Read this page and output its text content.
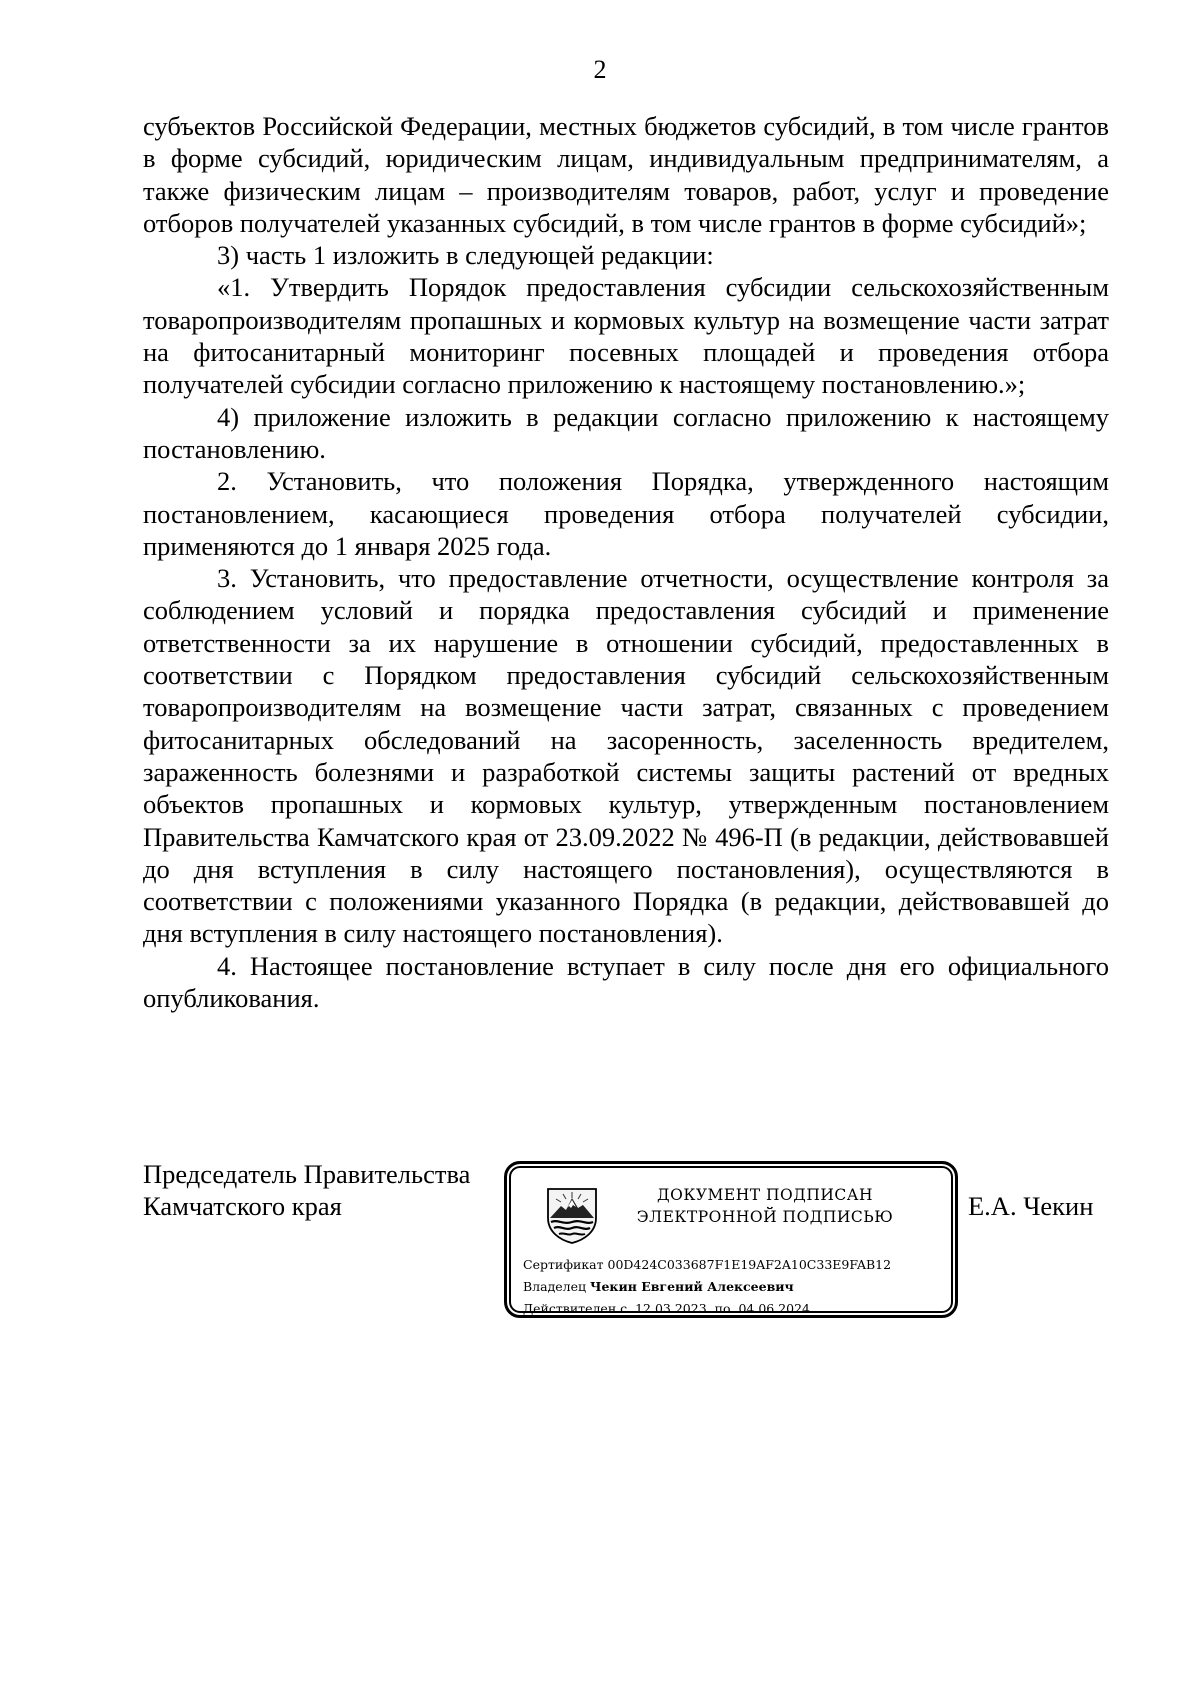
2

субъектов Российской Федерации, местных бюджетов субсидий, в том числе грантов в форме субсидий, юридическим лицам, индивидуальным предпринимателям, а также физическим лицам – производителям товаров, работ, услуг и проведение отборов получателей указанных субсидий, в том числе грантов в форме субсидий»;

3) часть 1 изложить в следующей редакции:

«1. Утвердить Порядок предоставления субсидии сельскохозяйственным товаропроизводителям пропашных и кормовых культур на возмещение части затрат на фитосанитарный мониторинг посевных площадей и проведения отбора получателей субсидии согласно приложению к настоящему постановлению.»;

4) приложение изложить в редакции согласно приложению к настоящему постановлению.

2. Установить, что положения Порядка, утвержденного настоящим постановлением, касающиеся проведения отбора получателей субсидии, применяются до 1 января 2025 года.

3. Установить, что предоставление отчетности, осуществление контроля за соблюдением условий и порядка предоставления субсидий и применение ответственности за их нарушение в отношении субсидий, предоставленных в соответствии с Порядком предоставления субсидий сельскохозяйственным товаропроизводителям на возмещение части затрат, связанных с проведением фитосанитарных обследований на засоренность, заселенность вредителем, зараженность болезнями и разработкой системы защиты растений от вредных объектов пропашных и кормовых культур, утвержденным постановлением Правительства Камчатского края от 23.09.2022 № 496-П (в редакции, действовавшей до дня вступления в силу настоящего постановления), осуществляются в соответствии с положениями указанного Порядка (в редакции, действовавшей до дня вступления в силу настоящего постановления).

4. Настоящее постановление вступает в силу после дня его официального опубликования.

Председатель Правительства
Камчатского края	ДОКУМЕНТ ПОДПИСАН
ЭЛЕКТРОННОЙ ПОДПИСЬЮ
Сертификат 00D424C033687F1E19AF2A10C33E9FAB12
Владелец Чекин Евгений Алексеевич
Действителен с 12.03.2023 по 04.06.2024
Е.А. Чекин
